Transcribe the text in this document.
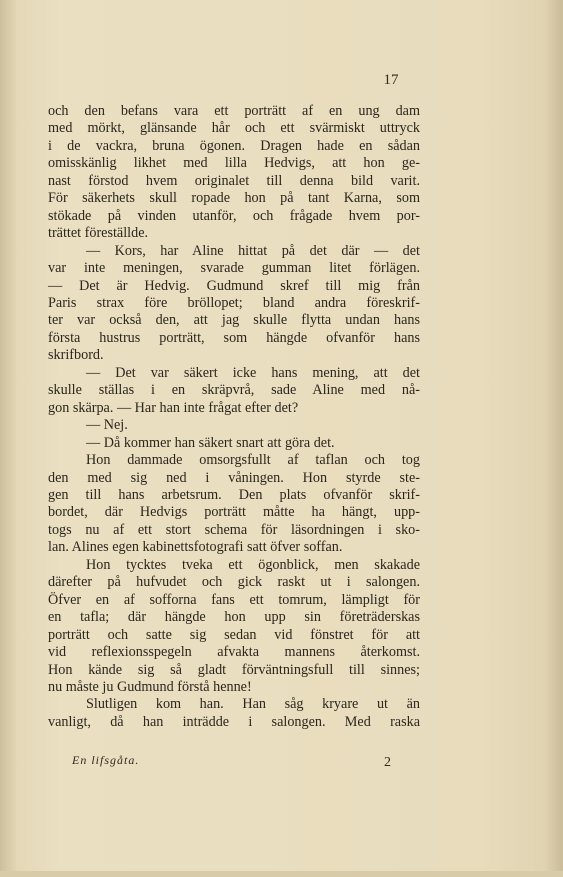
17
och den befans vara ett porträtt af en ung dam
med mörkt, glänsande hår och ett svärmiskt uttryck
i de vackra, bruna ögonen. Dragen hade en sådan
omisskänlig likhet med lilla Hedvigs, att hon ge-
nast förstod hvem originalet till denna bild varit.
För säkerhets skull ropade hon på tant Karna, som
stökade på vinden utanför, och frågade hvem por-
trättet föreställde.
— Kors, har Aline hittat på det där — det
var inte meningen, svarade gumman litet förlägen.
— Det är Hedvig. Gudmund skref till mig från
Paris strax före bröllopet; bland andra föreskrif-
ter var också den, att jag skulle flytta undan hans
första hustrus porträtt, som hängde ofvanför hans
skrifbord.
— Det var säkert icke hans mening, att det
skulle ställas i en skräpvrå, sade Aline med nå-
gon skärpa. — Har han inte frågat efter det?
— Nej.
— Då kommer han säkert snart att göra det.
Hon dammade omsorgsfullt af taflan och tog
den med sig ned i våningen. Hon styrde ste-
gen till hans arbetsrum. Den plats ofvanför skrif-
bordet, där Hedvigs porträtt måtte ha hängt, upp-
togs nu af ett stort schema för läsordningen i sko-
lan. Alines egen kabinettsfotografi satt öfver soffan.
Hon tycktes tveka ett ögonblick, men skakade
därefter på hufvudet och gick raskt ut i salongen.
Öfver en af sofforna fans ett tomrum, lämpligt för
en tafla; där hängde hon upp sin företräderskas
porträtt och satte sig sedan vid fönstret för att
vid reflexionsspegeln afvakta mannens återkomst.
Hon kände sig så gladt förväntningsfull till sinnes;
nu måste ju Gudmund förstå henne!
Slutligen kom han. Han såg kryare ut än
vanligt, då han inträdde i salongen. Med raska
En lifsgåta.	2
